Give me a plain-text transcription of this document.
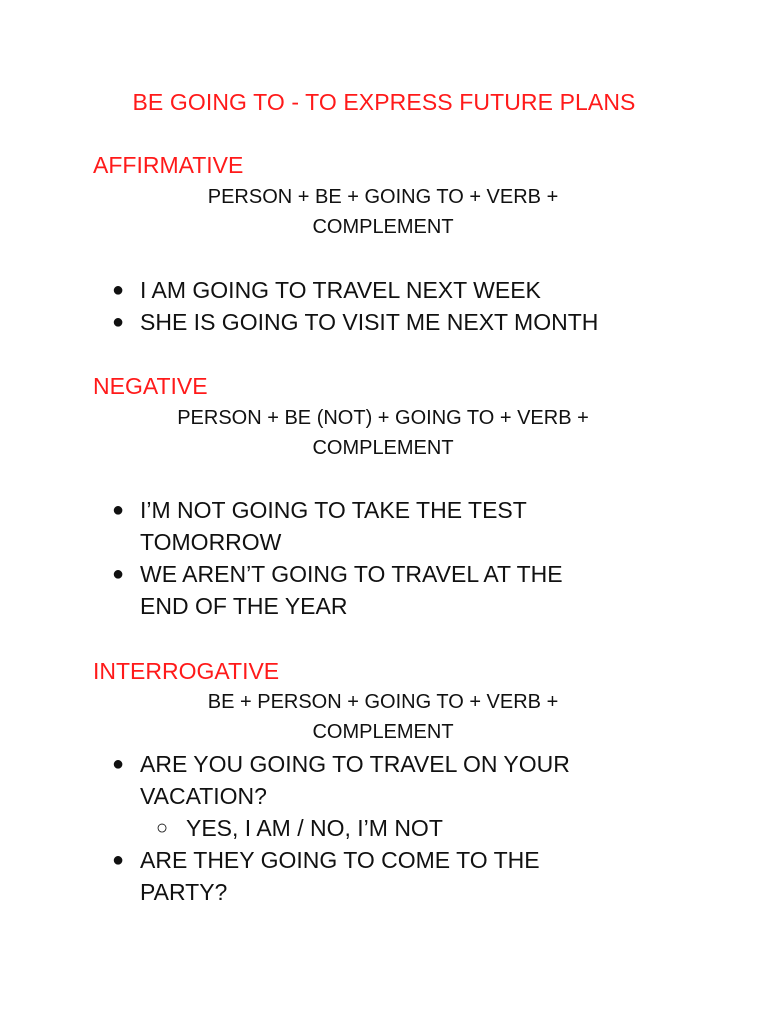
BE GOING TO - TO EXPRESS FUTURE PLANS
AFFIRMATIVE
PERSON + BE + GOING TO + VERB +
COMPLEMENT
● I AM GOING TO TRAVEL NEXT WEEK
● SHE IS GOING TO VISIT ME NEXT MONTH
NEGATIVE
PERSON + BE (NOT) + GOING TO + VERB +
COMPLEMENT
● I’M NOT GOING TO TAKE THE TEST
TOMORROW
● WE AREN’T GOING TO TRAVEL AT THE
END OF THE YEAR
INTERROGATIVE
BE + PERSON + GOING TO + VERB +
COMPLEMENT
● ARE YOU GOING TO TRAVEL ON YOUR
VACATION?
○ YES, I AM / NO, I’M NOT
● ARE THEY GOING TO COME TO THE
PARTY?
